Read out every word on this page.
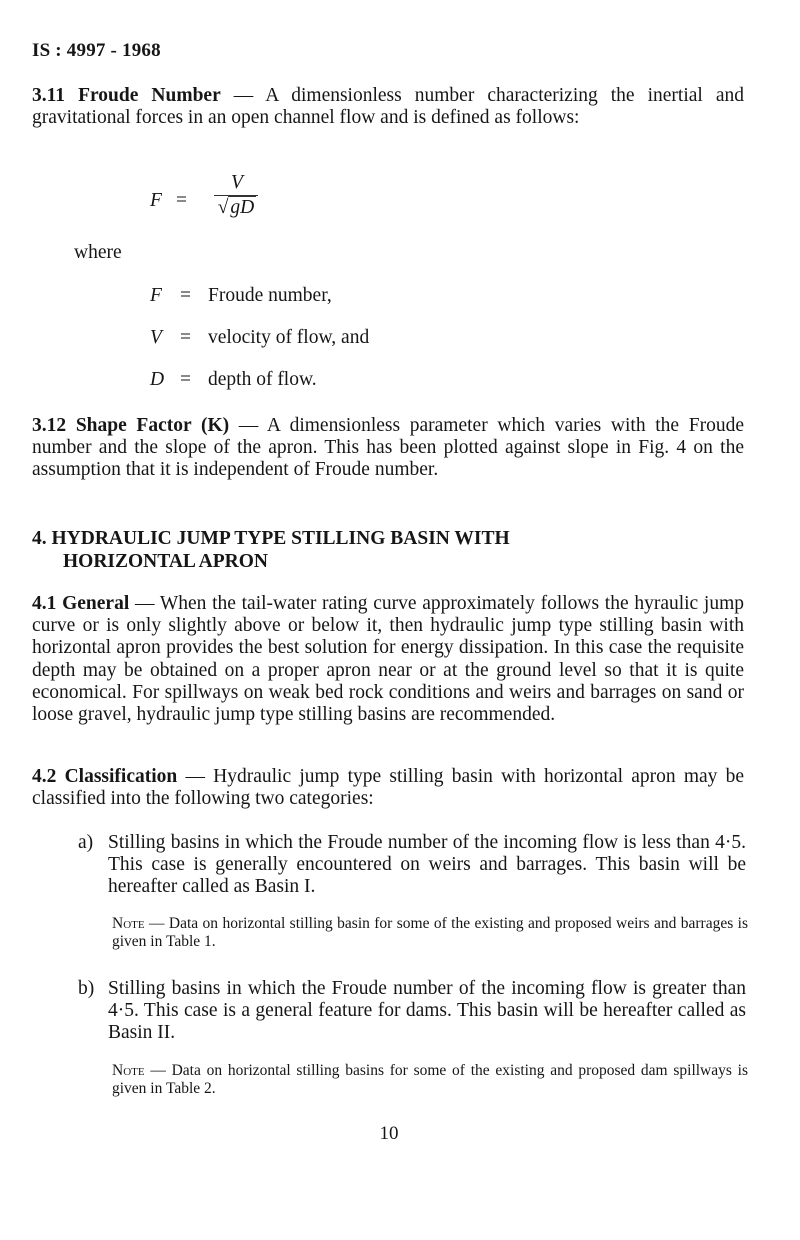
IS : 4997 - 1968
3.11 Froude Number — A dimensionless number characterizing the inertial and gravitational forces in an open channel flow and is defined as follows:
F =
V
√ gD
where
F = Froude number,
V = velocity of flow, and
D = depth of flow.
3.12 Shape Factor (K) — A dimensionless parameter which varies with the Froude number and the slope of the apron. This has been plotted against slope in Fig. 4 on the assumption that it is independent of Froude number.
4. HYDRAULIC JUMP TYPE STILLING BASIN WITH
HORIZONTAL APRON
4.1 General — When the tail-water rating curve approximately follows the hyraulic jump curve or is only slightly above or below it, then hydraulic jump type stilling basin with horizontal apron provides the best solution for energy dissipation. In this case the requisite depth may be obtained on a proper apron near or at the ground level so that it is quite economical. For spillways on weak bed rock conditions and weirs and barrages on sand or loose gravel, hydraulic jump type stilling basins are recommended.
4.2 Classification — Hydraulic jump type stilling basin with horizontal apron may be classified into the following two categories:
a) Stilling basins in which the Froude number of the incoming flow is less than 4·5. This case is generally encountered on weirs and barrages. This basin will be hereafter called as Basin I.
Note — Data on horizontal stilling basin for some of the existing and proposed weirs and barrages is given in Table 1.
b) Stilling basins in which the Froude number of the incoming flow is greater than 4·5. This case is a general feature for dams. This basin will be hereafter called as Basin II.
Note — Data on horizontal stilling basins for some of the existing and proposed dam spillways is given in Table 2.
10
